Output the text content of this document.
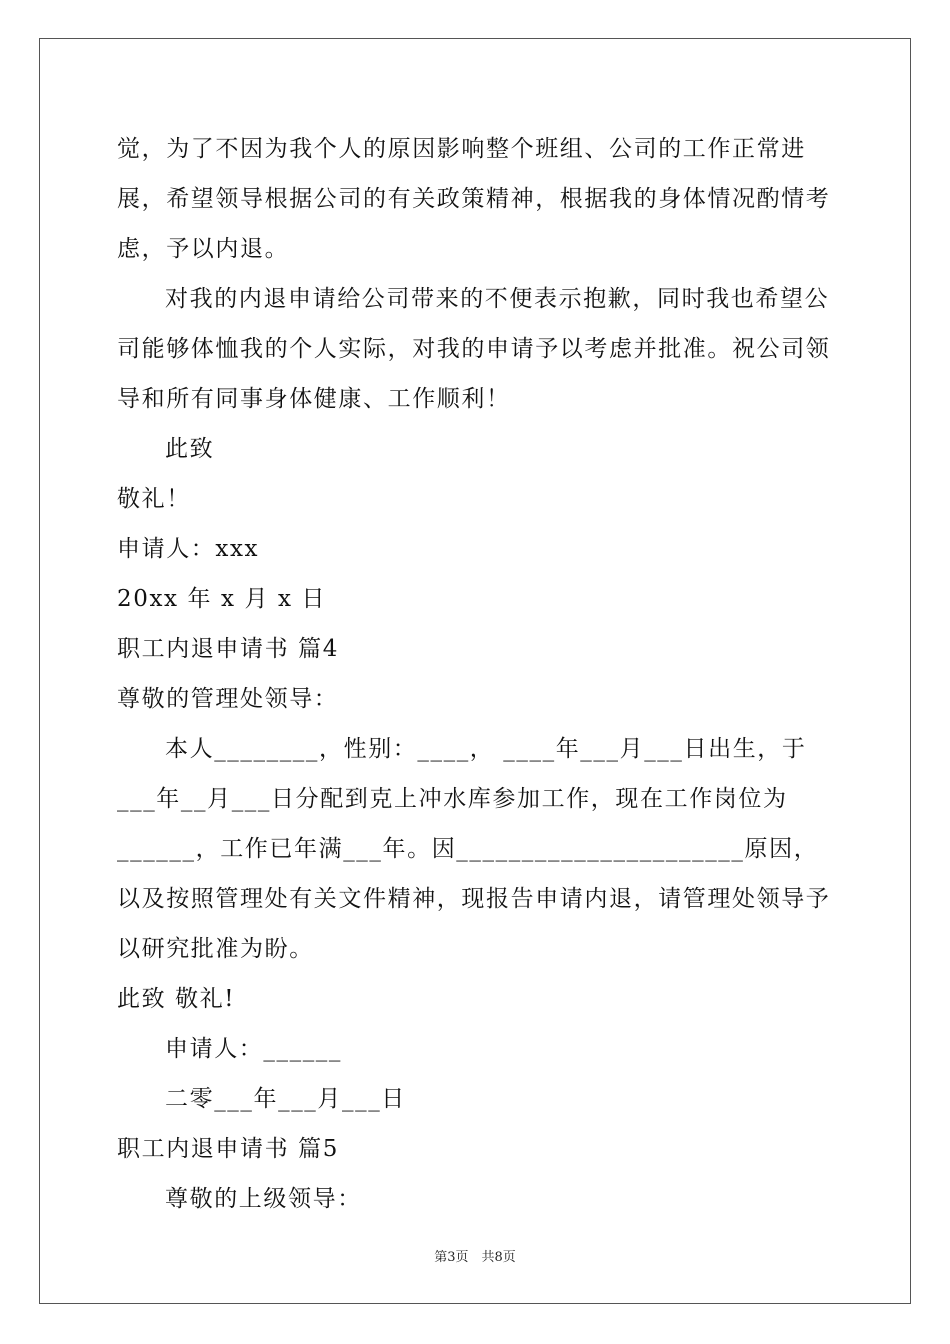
觉，为了不因为我个人的原因影响整个班组、公司的工作正常进展，希望领导根据公司的有关政策精神，根据我的身体情况酌情考虑，予以内退。

对我的内退申请给公司带来的不便表示抱歉，同时我也希望公司能够体恤我的个人实际，对我的申请予以考虑并批准。祝公司领导和所有同事身体健康、工作顺利！

此致

敬礼！

申请人：xxx

20xx 年 x 月 x 日

职工内退申请书 篇4

尊敬的管理处领导：

本人________，性别：____， ____年___月___日出生，于___年__月___日分配到克上冲水库参加工作，现在工作岗位为______，工作已年满___年。因______________________原因，以及按照管理处有关文件精神，现报告申请内退，请管理处领导予以研究批准为盼。

此致 敬礼!

申请人：______

二零___年___月___日

职工内退申请书 篇5

尊敬的上级领导：

第3页　共8页
